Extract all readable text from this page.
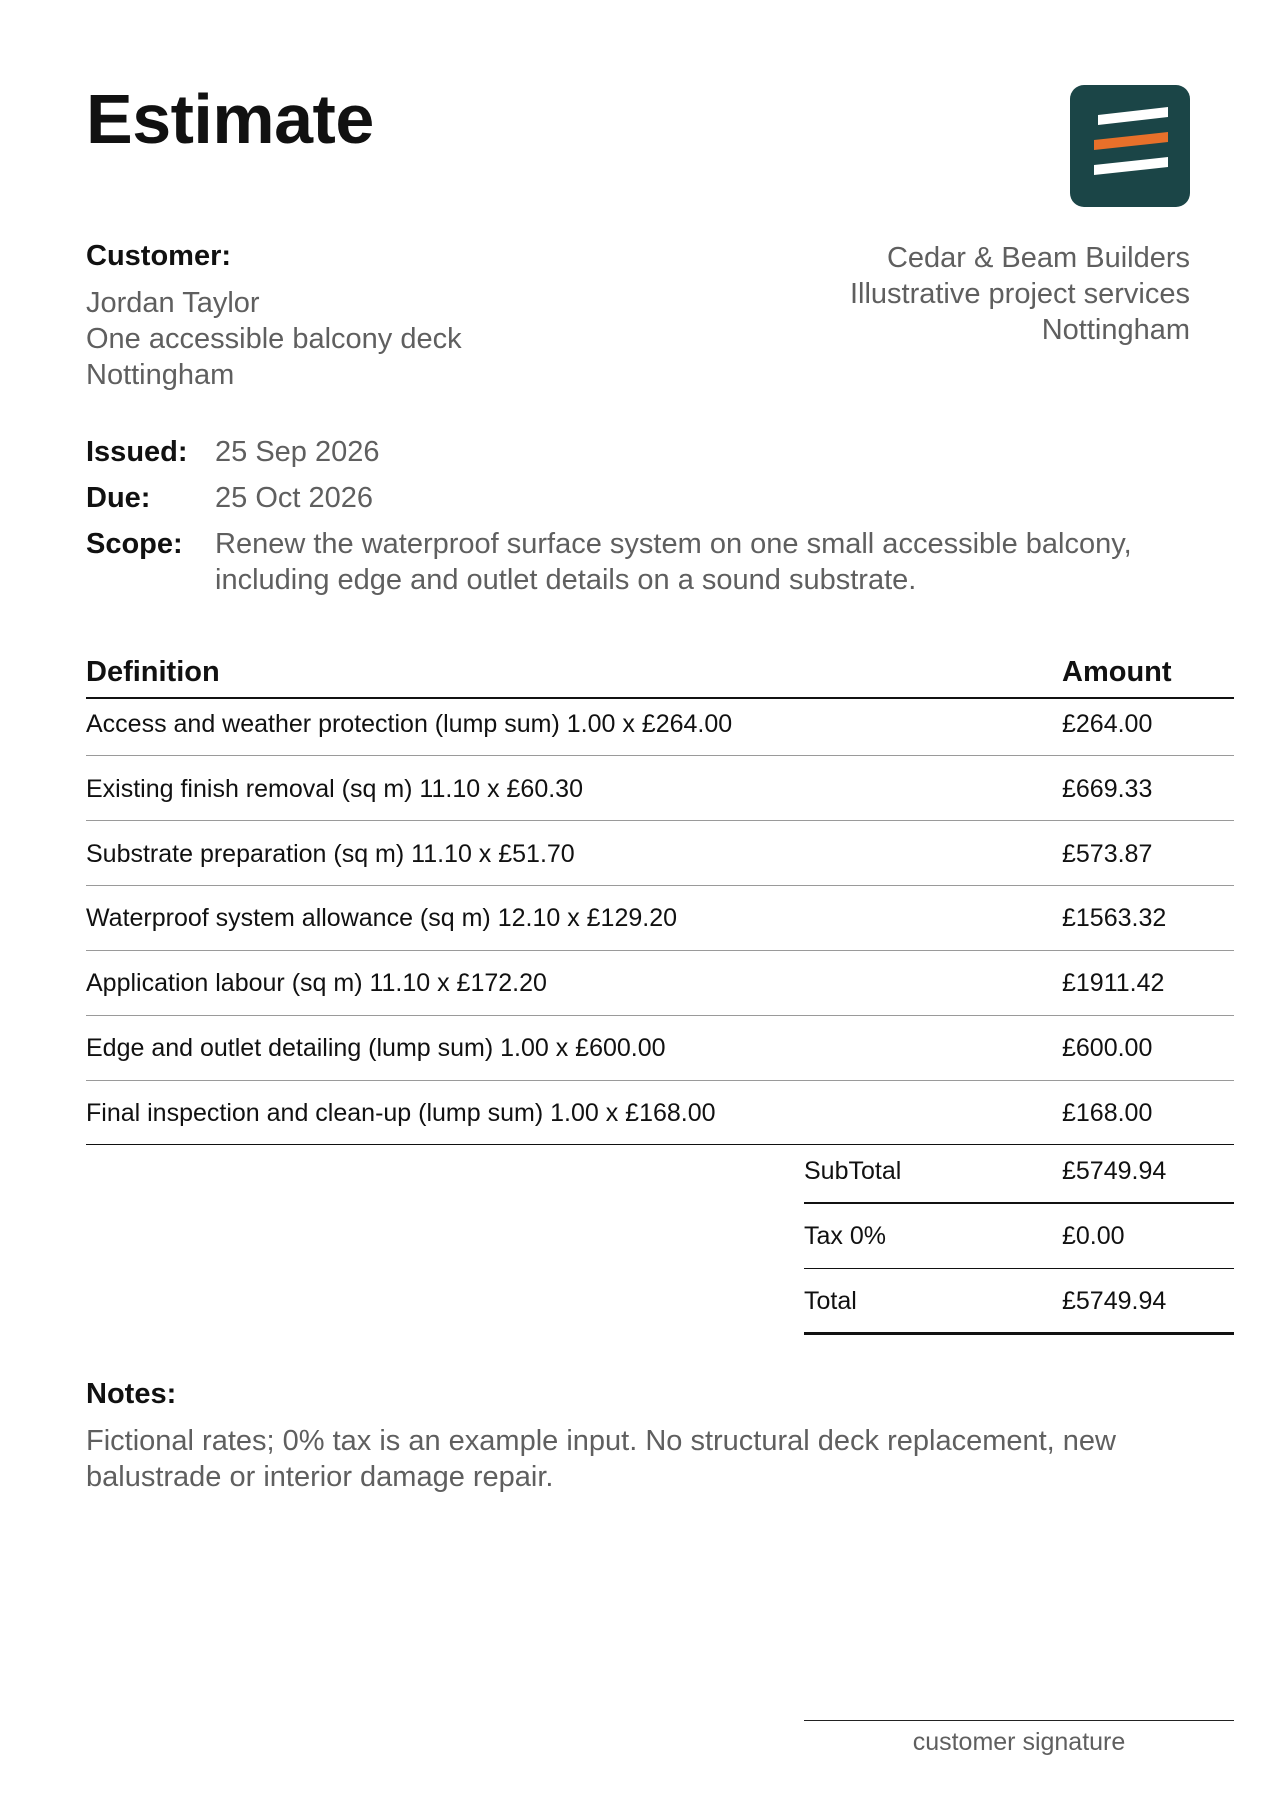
Estimate
Customer:
Jordan Taylor
One accessible balcony deck
Nottingham
Cedar & Beam Builders
Illustrative project services
Nottingham
Issued: 25 Sep 2026
Due: 25 Oct 2026
Scope: Renew the waterproof surface system on one small accessible balcony,
including edge and outlet details on a sound substrate.
Definition	Amount
Access and weather protection (lump sum) 1.00 x £264.00	£264.00
Existing finish removal (sq m) 11.10 x £60.30	£669.33
Substrate preparation (sq m) 11.10 x £51.70	£573.87
Waterproof system allowance (sq m) 12.10 x £129.20	£1563.32
Application labour (sq m) 11.10 x £172.20	£1911.42
Edge and outlet detailing (lump sum) 1.00 x £600.00	£600.00
Final inspection and clean-up (lump sum) 1.00 x £168.00	£168.00
SubTotal	£5749.94
Tax 0%	£0.00
Total	£5749.94
Notes:
Fictional rates; 0% tax is an example input. No structural deck replacement, new
balustrade or interior damage repair.
customer signature
